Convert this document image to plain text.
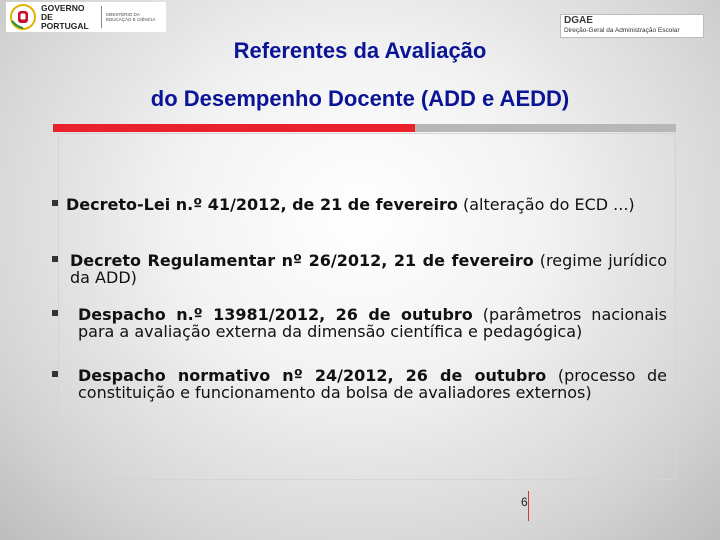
GOVERNO DE
PORTUGAL
MINISTÉRIO DA EDUCAÇÃO E CIÊNCIA	DGAE
Direção-Geral da Administração Escolar
Referentes da Avaliação
do Desempenho Docente (ADD e AEDD)
Decreto-Lei n.º 41/2012, de 21 de fevereiro (alteração do ECD ...)
Decreto Regulamentar nº 26/2012, 21 de fevereiro (regime jurídico da ADD)
Despacho n.º 13981/2012, 26 de outubro (parâmetros nacionais para a avaliação externa da dimensão científica e pedagógica)
Despacho normativo nº 24/2012, 26 de outubro (processo de constituição e funcionamento da bolsa de avaliadores externos)
6
